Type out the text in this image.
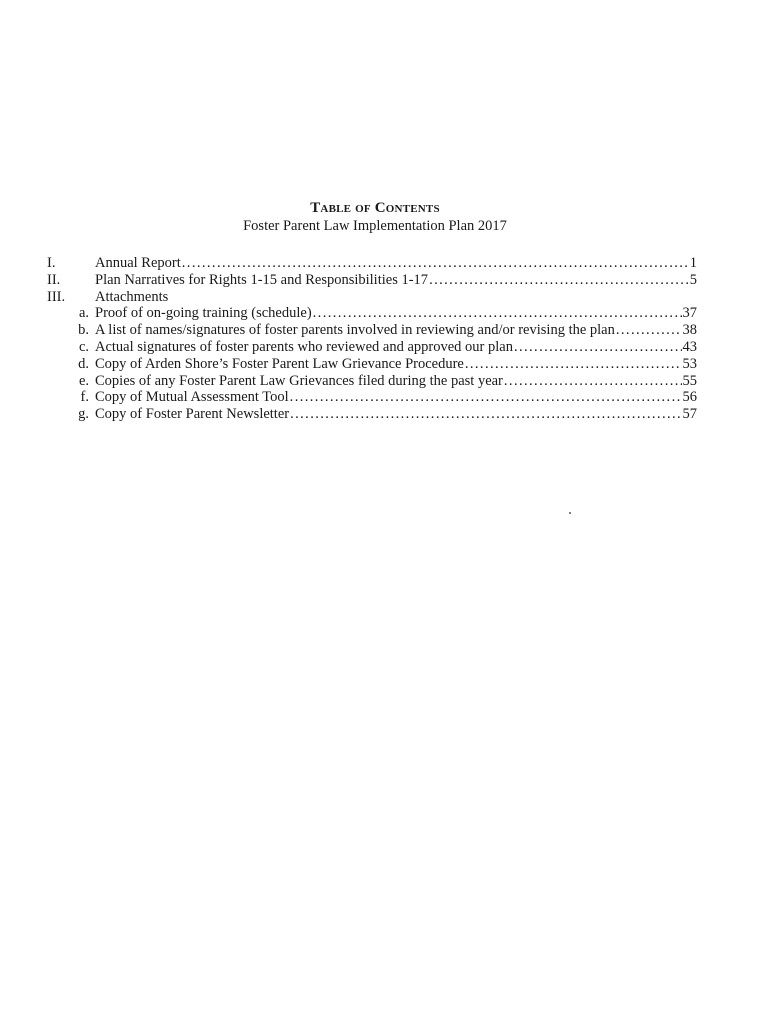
Table of Contents
Foster Parent Law Implementation Plan 2017
I.	Annual Report .....	1
II.	Plan Narratives for Rights 1-15 and Responsibilities 1-17 .....	5
III.	Attachments
a. Proof of on-going training (schedule) .....	37
b. A list of names/signatures of foster parents involved in reviewing and/or revising the plan .....	38
c. Actual signatures of foster parents who reviewed and approved our plan .....	43
d. Copy of Arden Shore’s Foster Parent Law Grievance Procedure .....	53
e. Copies of any Foster Parent Law Grievances filed during the past year .....	55
f. Copy of Mutual Assessment Tool .....	56
g. Copy of Foster Parent Newsletter .....	57
